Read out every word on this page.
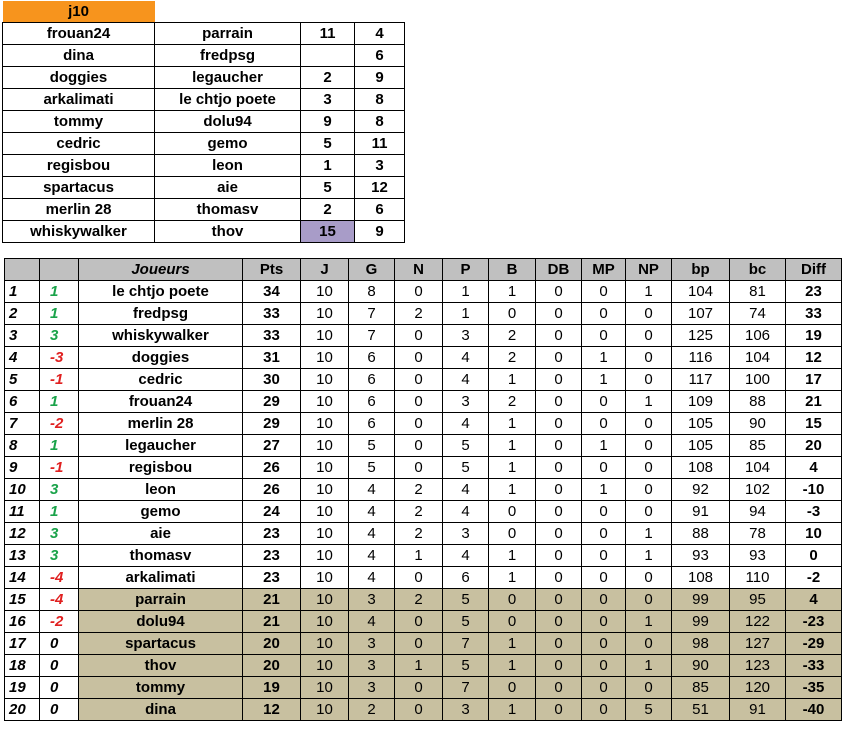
j10			
frouan24	parrain	11	4
dina	fredpsg		6
doggies	legaucher	2	9
arkalimati	le chtjo poete	3	8
tommy	dolu94	9	8
cedric	gemo	5	11
regisbou	leon	1	3
spartacus	aie	5	12
merlin 28	thomasv	2	6
whiskywalker	thov	15	9
		Joueurs	Pts	J	G	N	P	B	DB	MP	NP	bp	bc	Diff
1	1	le chtjo poete	34	10	8	0	1	1	0	0	1	104	81	23
2	1	fredpsg	33	10	7	2	1	0	0	0	0	107	74	33
3	3	whiskywalker	33	10	7	0	3	2	0	0	0	125	106	19
4	-3	doggies	31	10	6	0	4	2	0	1	0	116	104	12
5	-1	cedric	30	10	6	0	4	1	0	1	0	117	100	17
6	1	frouan24	29	10	6	0	3	2	0	0	1	109	88	21
7	-2	merlin 28	29	10	6	0	4	1	0	0	0	105	90	15
8	1	legaucher	27	10	5	0	5	1	0	1	0	105	85	20
9	-1	regisbou	26	10	5	0	5	1	0	0	0	108	104	4
10	3	leon	26	10	4	2	4	1	0	1	0	92	102	-10
11	1	gemo	24	10	4	2	4	0	0	0	0	91	94	-3
12	3	aie	23	10	4	2	3	0	0	0	1	88	78	10
13	3	thomasv	23	10	4	1	4	1	0	0	1	93	93	0
14	-4	arkalimati	23	10	4	0	6	1	0	0	0	108	110	-2
15	-4	parrain	21	10	3	2	5	0	0	0	0	99	95	4
16	-2	dolu94	21	10	4	0	5	0	0	0	1	99	122	-23
17	0	spartacus	20	10	3	0	7	1	0	0	0	98	127	-29
18	0	thov	20	10	3	1	5	1	0	0	1	90	123	-33
19	0	tommy	19	10	3	0	7	0	0	0	0	85	120	-35
20	0	dina	12	10	2	0	3	1	0	0	5	51	91	-40
